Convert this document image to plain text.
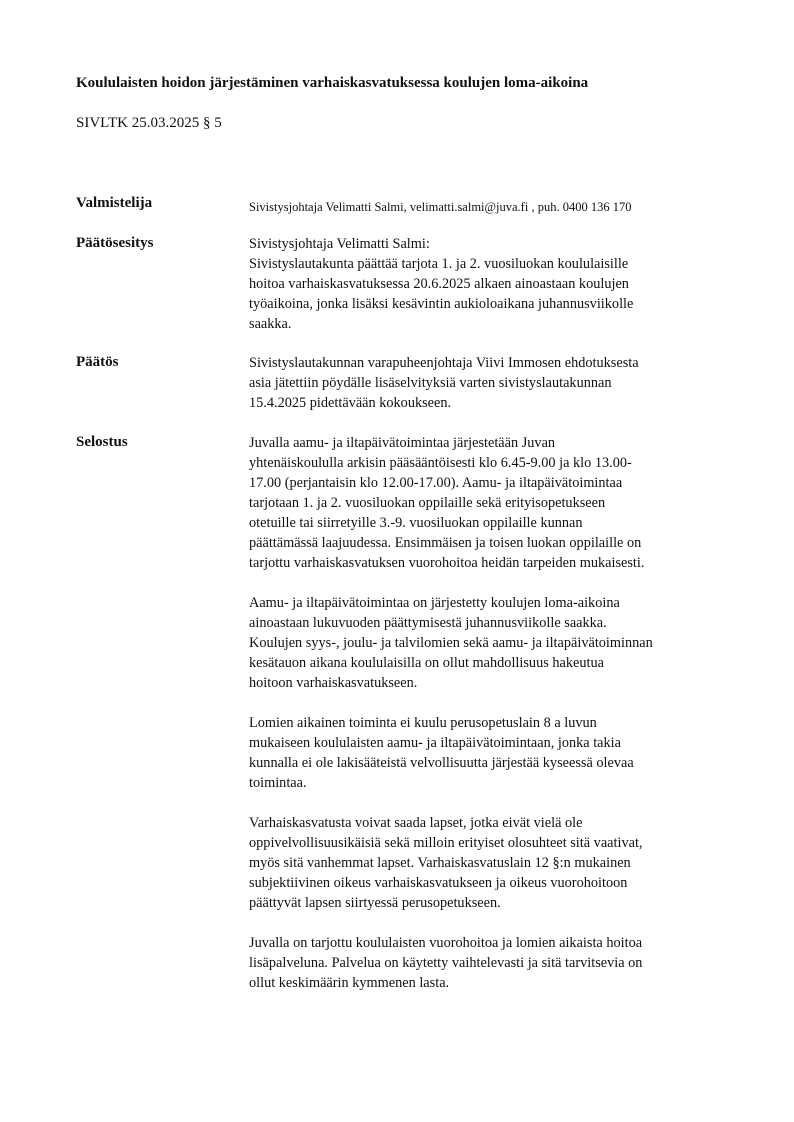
Koululaisten hoidon järjestäminen varhaiskasvatuksessa koulujen loma-aikoina
SIVLTK 25.03.2025 § 5
Valmistelija	Sivistysjohtaja Velimatti Salmi, velimatti.salmi@juva.fi , puh. 0400 136 170
Päätösesitys	Sivistysjohtaja Velimatti Salmi:
Sivistyslautakunta päättää tarjota 1. ja 2. vuosiluokan koululaisille
hoitoa varhaiskasvatuksessa 20.6.2025 alkaen ainoastaan koulujen
työaikoina, jonka lisäksi kesävintin aukioloaikana juhannusviikolle
saakka.
Päätös	Sivistyslautakunnan varapuheenjohtaja Viivi Immosen ehdotuksesta
asia jätettiin pöydälle lisäselvityksiä varten sivistyslautakunnan
15.4.2025 pidettävään kokoukseen.
Selostus	Juvalla aamu- ja iltapäivätoimintaa järjestetään Juvan
yhtenäiskoululla arkisin pääsääntöisesti klo 6.45-9.00 ja klo 13.00-
17.00 (perjantaisin klo 12.00-17.00). Aamu- ja iltapäivätoimintaa
tarjotaan 1. ja 2. vuosiluokan oppilaille sekä erityisopetukseen
otetuille tai siirretyille 3.-9. vuosiluokan oppilaille kunnan
päättämässä laajuudessa. Ensimmäisen ja toisen luokan oppilaille on
tarjottu varhaiskasvatuksen vuorohoitoa heidän tarpeiden mukaisesti.
Aamu- ja iltapäivätoimintaa on järjestetty koulujen loma-aikoina
ainoastaan lukuvuoden päättymisestä juhannusviikolle saakka.
Koulujen syys-, joulu- ja talvilomien sekä aamu- ja iltapäivätoiminnan
kesätauon aikana koululaisilla on ollut mahdollisuus hakeutua
hoitoon varhaiskasvatukseen.
Lomien aikainen toiminta ei kuulu perusopetuslain 8 a luvun
mukaiseen koululaisten aamu- ja iltapäivätoimintaan, jonka takia
kunnalla ei ole lakisääteistä velvollisuutta järjestää kyseessä olevaa
toimintaa.
Varhaiskasvatusta voivat saada lapset, jotka eivät vielä ole
oppivelvollisuusikäisiä sekä milloin erityiset olosuhteet sitä vaativat,
myös sitä vanhemmat lapset. Varhaiskasvatuslain 12 §:n mukainen
subjektiivinen oikeus varhaiskasvatukseen ja oikeus vuorohoitoon
päättyvät lapsen siirtyessä perusopetukseen.
Juvalla on tarjottu koululaisten vuorohoitoa ja lomien aikaista hoitoa
lisäpalveluna. Palvelua on käytetty vaihtelevasti ja sitä tarvitsevia on
ollut keskimäärin kymmenen lasta.
